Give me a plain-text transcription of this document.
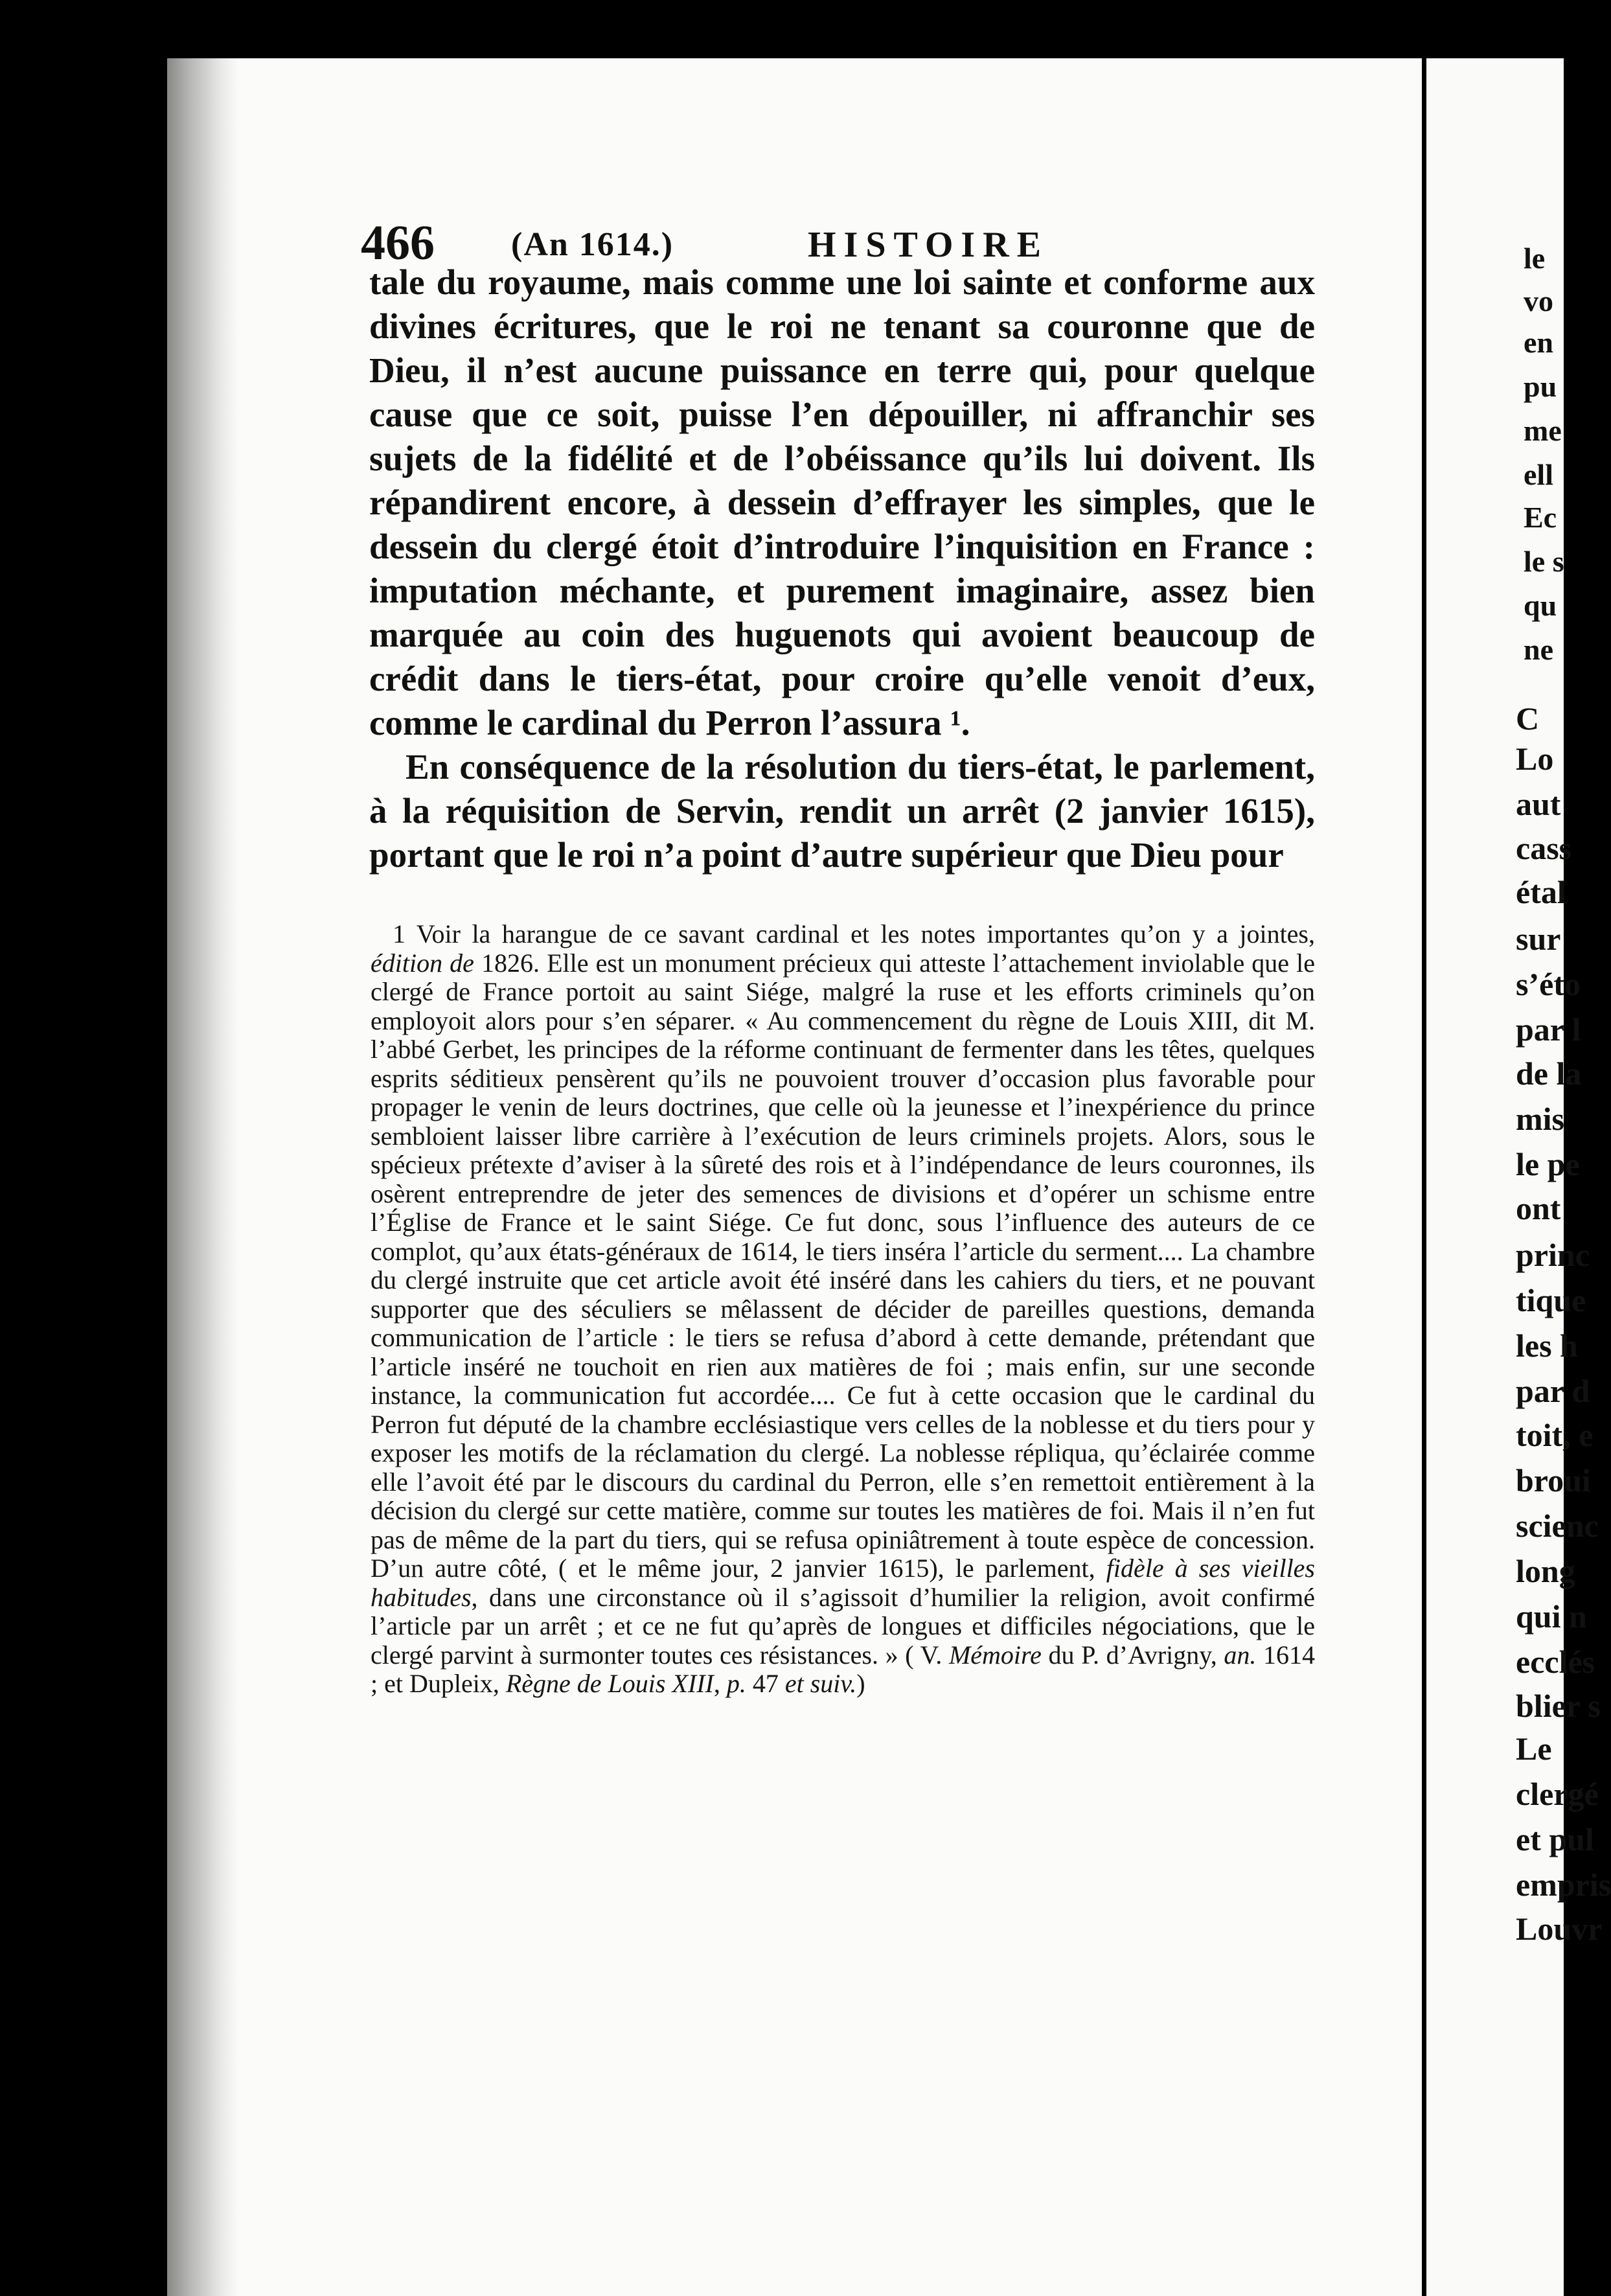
le
vo
en
pu
me
ell
Ec
le s
qu
ne
C
Lo
aut
cass
étal
sur
s’éto
par l
de la
mis
le pe
ont
princ
tique
les h
par d
toit, e
broui
scienc
long
qui n
ecclés
blier s
Le
clergé
et pul
empris
Louvr
466 (An 1614.)	HISTOIRE

tale du royaume, mais comme une loi sainte et conforme aux divines écritures, que le roi ne tenant sa couronne que de Dieu, il n’est aucune puissance en terre qui, pour quelque cause que ce soit, puisse l’en dépouiller, ni affranchir ses sujets de la fidélité et de l’obéissance qu’ils lui doivent. Ils répandirent encore, à dessein d’effrayer les simples, que le dessein du clergé étoit d’introduire l’inquisition en France : imputation méchante, et purement imaginaire, assez bien marquée au coin des huguenots qui avoient beaucoup de crédit dans le tiers-état, pour croire qu’elle venoit d’eux, comme le cardinal du Perron l’assura ¹.

En conséquence de la résolution du tiers-état, le parlement, à la réquisition de Servin, rendit un arrêt (2 janvier 1615), portant que le roi n’a point d’autre supérieur que Dieu pour

1 Voir la harangue de ce savant cardinal et les notes importantes qu’on y a jointes, édition de 1826. Elle est un monument précieux qui atteste l’attachement inviolable que le clergé de France portoit au saint Siége, malgré la ruse et les efforts criminels qu’on employoit alors pour s’en séparer. « Au commencement du règne de Louis XIII, dit M. l’abbé Gerbet, les principes de la réforme continuant de fermenter dans les têtes, quelques esprits séditieux pensèrent qu’ils ne pouvoient trouver d’occasion plus favorable pour propager le venin de leurs doctrines, que celle où la jeunesse et l’inexpérience du prince sembloient laisser libre carrière à l’exécution de leurs criminels projets. Alors, sous le spécieux prétexte d’aviser à la sûreté des rois et à l’indépendance de leurs couronnes, ils osèrent entreprendre de jeter des semences de divisions et d’opérer un schisme entre l’Église de France et le saint Siége. Ce fut donc, sous l’influence des auteurs de ce complot, qu’aux états-généraux de 1614, le tiers inséra l’article du serment.... La chambre du clergé instruite que cet article avoit été inséré dans les cahiers du tiers, et ne pouvant supporter que des séculiers se mêlassent de décider de pareilles questions, demanda communication de l’article : le tiers se refusa d’abord à cette demande, prétendant que l’article inséré ne touchoit en rien aux matières de foi ; mais enfin, sur une seconde instance, la communication fut accordée.... Ce fut à cette occasion que le cardinal du Perron fut député de la chambre ecclésiastique vers celles de la noblesse et du tiers pour y exposer les motifs de la réclamation du clergé. La noblesse répliqua, qu’éclairée comme elle l’avoit été par le discours du cardinal du Perron, elle s’en remettoit entièrement à la décision du clergé sur cette matière, comme sur toutes les matières de foi. Mais il n’en fut pas de même de la part du tiers, qui se refusa opiniâtrement à toute espèce de concession. D’un autre côté, ( et le même jour, 2 janvier 1615), le parlement, fidèle à ses vieilles habitudes, dans une circonstance où il s’agissoit d’humilier la religion, avoit confirmé l’article par un arrêt ; et ce ne fut qu’après de longues et difficiles négociations, que le clergé parvint à surmonter toutes ces résistances. » ( V. Mémoire du P. d’Avrigny, an. 1614 ; et Dupleix, Règne de Louis XIII, p. 47 et suiv.)
